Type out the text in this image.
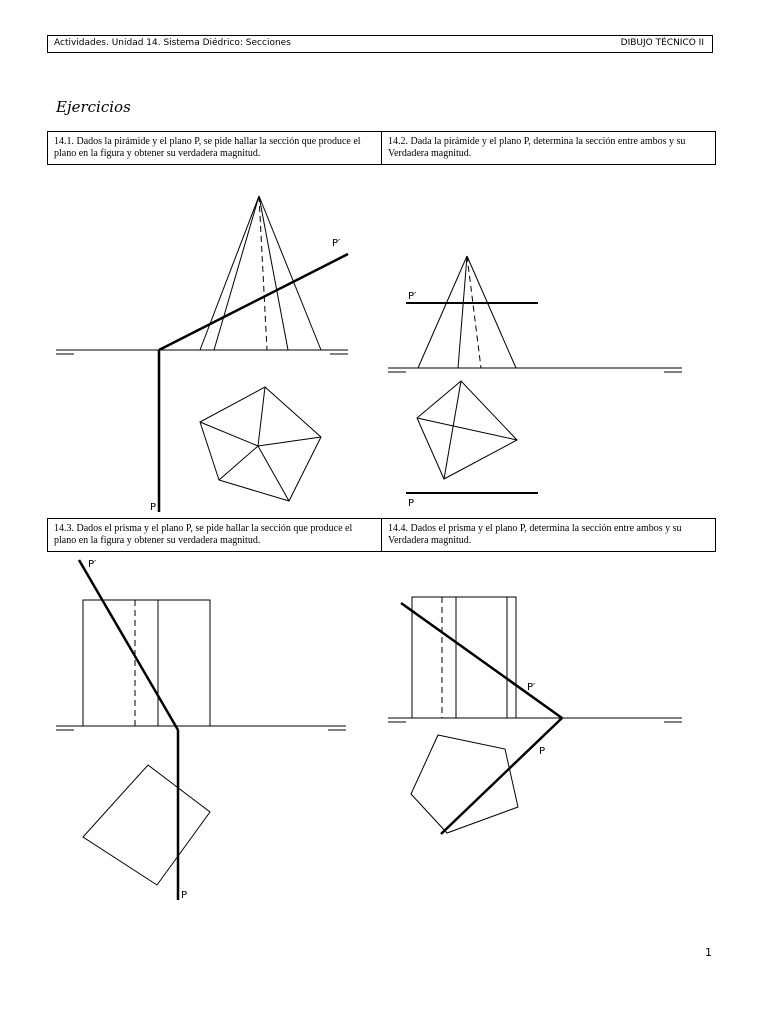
Actividades. Unidad 14. Sistema Diédrico: Secciones	DIBUJO TÉCNICO II
Ejercicios
14.1. Dados la pirámide y el plano P, se pide hallar la sección que produce el plano en la figura y obtener su verdadera magnitud.
14.2. Dada la pirámide y el plano P, determina la sección entre ambos y su Verdadera magnitud.
P′
P
P′
P
14.3. Dados el prisma y el plano P, se pide hallar la sección que produce el plano en la figura y obtener su verdadera magnitud.
14.4. Dados el prisma y el plano P, determina la sección entre ambos y su Verdadera magnitud.
P′
P
P′
P
1
